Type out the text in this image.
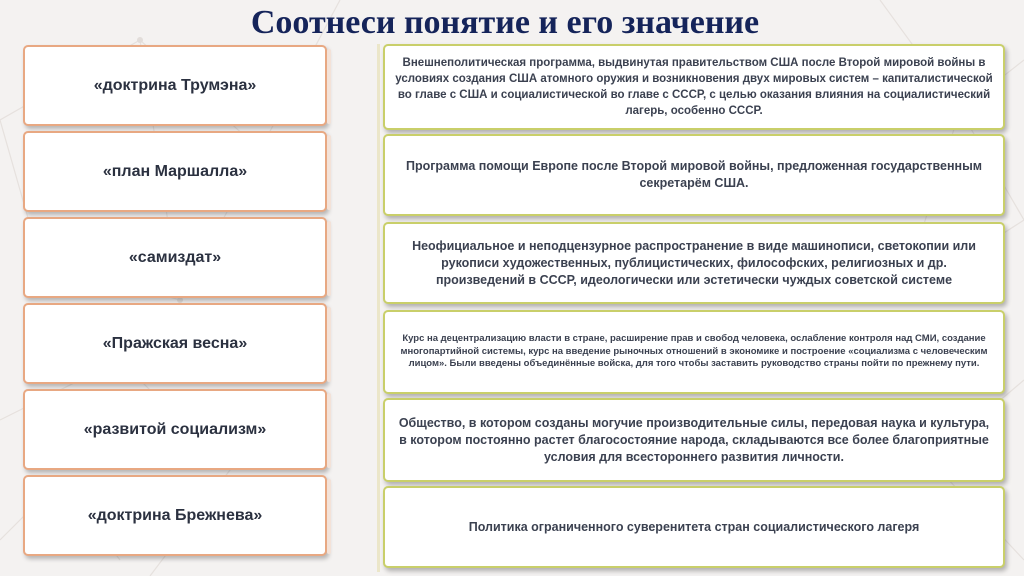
Соотнеси понятие и его значение
«доктрина Трумэна»
«план Маршалла»
«самиздат»
«Пражская весна»
«развитой социализм»
«доктрина Брежнева»
Внешнеполитическая программа, выдвинутая правительством США после Второй мировой войны в условиях создания США атомного оружия и возникновения двух мировых систем – капиталистической во главе с США и социалистической во главе с СССР, с целью оказания влияния на социалистический лагерь, особенно СССР.
Программа помощи Европе после Второй мировой войны, предложенная государственным секретарём США.
Неофициальное и неподцензурное распространение в виде машинописи, светокопии или рукописи художественных, публицистических, философских, религиозных и др. произведений в СССР, идеологически или эстетически чуждых советской системе
Курс на децентрализацию власти в стране, расширение прав и свобод человека, ослабление контроля над СМИ, создание многопартийной системы, курс на введение рыночных отношений в экономике и построение «социализма с человеческим лицом». Были введены объединённые войска, для того чтобы заставить руководство страны пойти по прежнему пути.
Общество, в котором созданы могучие производительные силы, передовая наука и культура, в котором постоянно растет благосостояние народа, складываются все более благоприятные условия для всестороннего развития личности.
Политика ограниченного суверенитета стран социалистического лагеря
